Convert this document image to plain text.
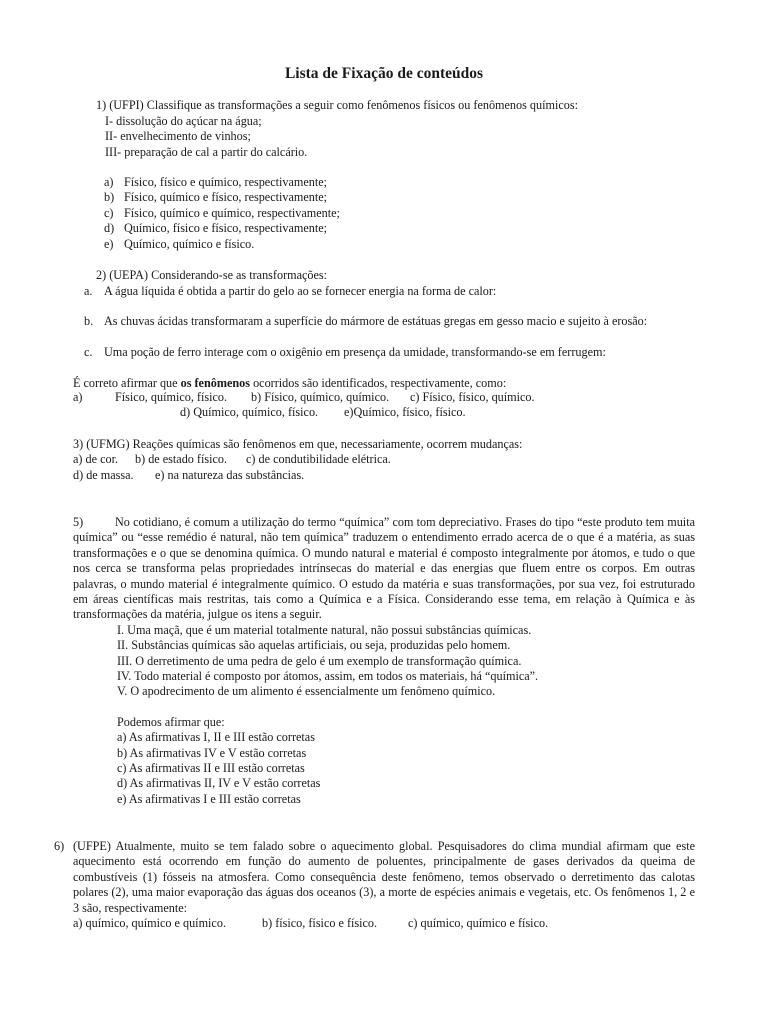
Lista de Fixação de conteúdos
1) (UFPI) Classifique as transformações a seguir como fenômenos físicos ou fenômenos químicos:
I- dissolução do açúcar na água;
II- envelhecimento de vinhos;
III- preparação de cal a partir do calcário.
a) Físico, físico e químico, respectivamente;
b) Físico, químico e físico, respectivamente;
c) Físico, químico e químico, respectivamente;
d) Químico, físico e físico, respectivamente;
e) Químico, químico e físico.
2) (UEPA) Considerando-se as transformações:
a. A água líquida é obtida a partir do gelo ao se fornecer energia na forma de calor:
b. As chuvas ácidas transformaram a superfície do mármore de estátuas gregas em gesso macio e sujeito à erosão:
c. Uma poção de ferro interage com o oxigênio em presença da umidade, transformando-se em ferrugem:
É correto afirmar que os fenômenos ocorridos são identificados, respectivamente, como:
a)	Físico, químico, físico. b) Físico, químico, químico. c) Físico, físico, químico.
d) Químico, químico, físico. e)Químico, físico, físico.
3) (UFMG) Reações químicas são fenômenos em que, necessariamente, ocorrem mudanças:
a) de cor. b) de estado físico. c) de condutibilidade elétrica.
d) de massa. e) na natureza das substâncias.
5)	No cotidiano, é comum a utilização do termo “química” com tom depreciativo. Frases do tipo “este produto tem muita química” ou “esse remédio é natural, não tem química” traduzem o entendimento errado acerca de o que é a matéria, as suas transformações e o que se denomina química. O mundo natural e material é composto integralmente por átomos, e tudo o que nos cerca se transforma pelas propriedades intrínsecas do material e das energias que fluem entre os corpos. Em outras palavras, o mundo material é integralmente químico. O estudo da matéria e suas transformações, por sua vez, foi estruturado em áreas científicas mais restritas, tais como a Química e a Física. Considerando esse tema, em relação à Química e às transformações da matéria, julgue os itens a seguir.
I. Uma maçã, que é um material totalmente natural, não possui substâncias químicas.
II. Substâncias químicas são aquelas artificiais, ou seja, produzidas pelo homem.
III. O derretimento de uma pedra de gelo é um exemplo de transformação química.
IV. Todo material é composto por átomos, assim, em todos os materiais, há “química”.
V. O apodrecimento de um alimento é essencialmente um fenômeno químico.
Podemos afirmar que:
a) As afirmativas I, II e III estão corretas
b) As afirmativas IV e V estão corretas
c) As afirmativas II e III estão corretas
d) As afirmativas II, IV e V estão corretas
e) As afirmativas I e III estão corretas
6) (UFPE) Atualmente, muito se tem falado sobre o aquecimento global. Pesquisadores do clima mundial afirmam que este aquecimento está ocorrendo em função do aumento de poluentes, principalmente de gases derivados da queima de combustíveis (1) fósseis na atmosfera. Como consequência deste fenômeno, temos observado o derretimento das calotas polares (2), uma maior evaporação das águas dos oceanos (3), a morte de espécies animais e vegetais, etc. Os fenômenos 1, 2 e 3 são, respectivamente:
a) químico, químico e químico.	b) físico, físico e físico.	c) químico, químico e físico.
